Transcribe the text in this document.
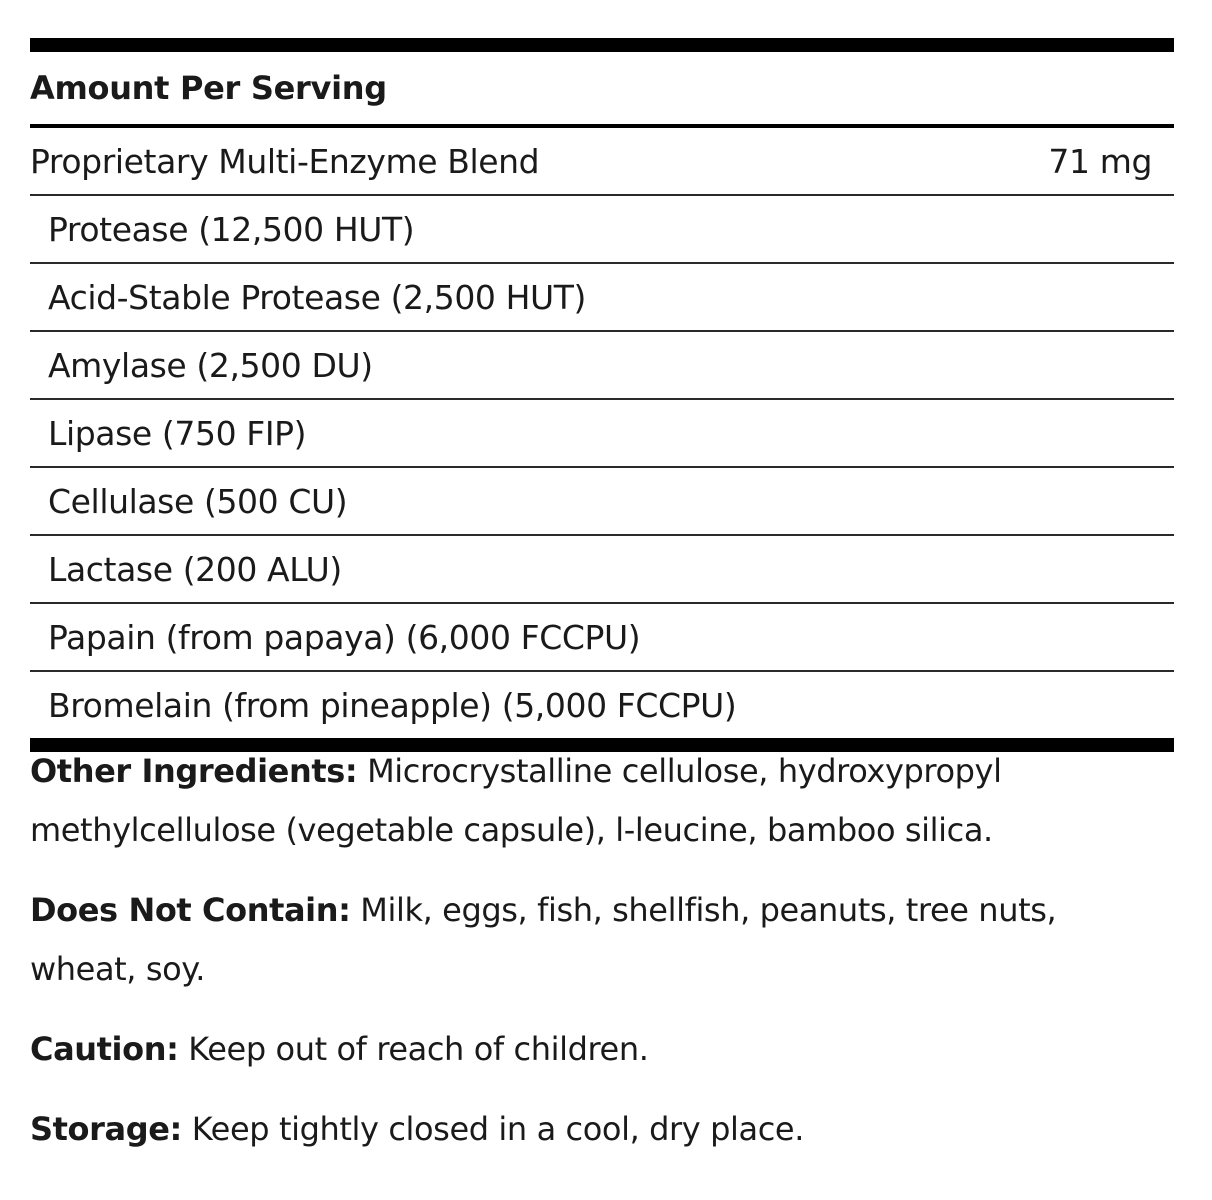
Amount Per Serving
Proprietary Multi-Enzyme Blend	71 mg
Protease (12,500 HUT)
Acid-Stable Protease (2,500 HUT)
Amylase (2,500 DU)
Lipase (750 FIP)
Cellulase (500 CU)
Lactase (200 ALU)
Papain (from papaya) (6,000 FCCPU)
Bromelain (from pineapple) (5,000 FCCPU)

Other Ingredients: Microcrystalline cellulose, hydroxypropyl methylcellulose (vegetable capsule), l-leucine, bamboo silica.

Does Not Contain: Milk, eggs, fish, shellfish, peanuts, tree nuts, wheat, soy.

Caution: Keep out of reach of children.

Storage: Keep tightly closed in a cool, dry place.
